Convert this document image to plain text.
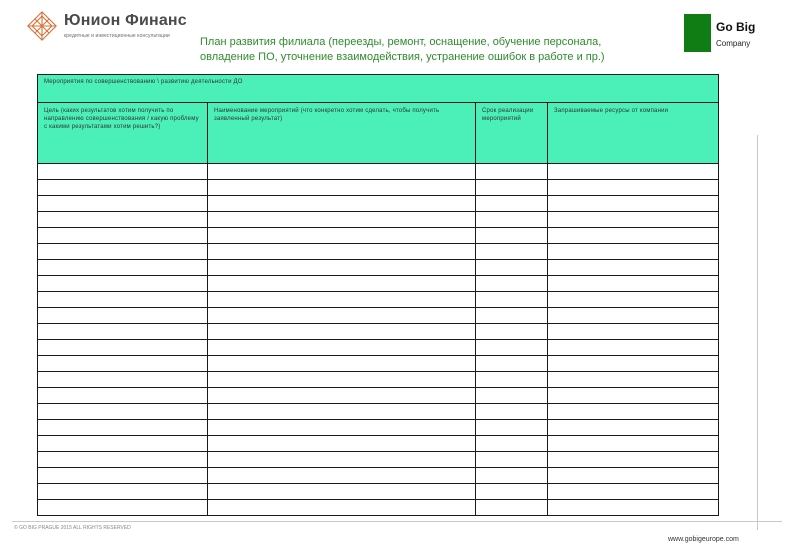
Юнион Финанс
кредитные и инвестиционные консультации	План развития филиала (переезды, ремонт, оснащение, обучение персонала, овладение ПО, уточнение взаимодействия, устранение ошибок в работе и пр.)
Go Big
Company
Мероприятия по совершенствованию \ развитию деятельности ДО			
Цель (каких результатов хотим получить по направлению совершенствования / какую проблему с какими результатами хотим решить?)	Наименование мероприятий (что конкретно хотим сделать, чтобы получить заявленный результат)	Срок реализации мероприятий	Запрашиваемые ресурсы от компании

© GO BIG PRAGUE 2015 ALL RIGHTS RESERVED
www.gobigeurope.com
